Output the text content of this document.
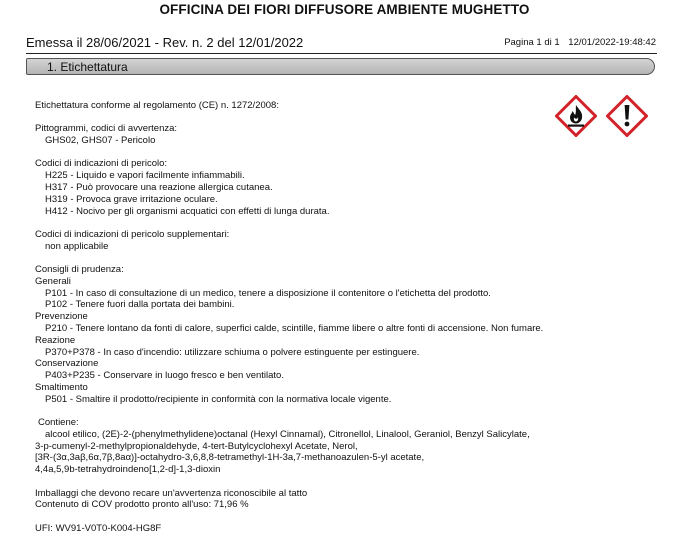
OFFICINA DEI FIORI DIFFUSORE AMBIENTE MUGHETTO
Emessa il 28/06/2021 - Rev. n. 2 del 12/01/2022	Pagina 1 di 1 12/01/2022-19:48:42
1. Etichettatura
Etichettatura conforme al regolamento (CE) n. 1272/2008:
Pittogrammi, codici di avvertenza:
GHS02, GHS07 - Pericolo
Codici di indicazioni di pericolo:
H225 - Liquido e vapori facilmente infiammabili.
H317 - Può provocare una reazione allergica cutanea.
H319 - Provoca grave irritazione oculare.
H412 - Nocivo per gli organismi acquatici con effetti di lunga durata.
Codici di indicazioni di pericolo supplementari:
non applicabile
Consigli di prudenza:
Generali
P101 - In caso di consultazione di un medico, tenere a disposizione il contenitore o l'etichetta del prodotto.
P102 - Tenere fuori dalla portata dei bambini.
Prevenzione
P210 - Tenere lontano da fonti di calore, superfici calde, scintille, fiamme libere o altre fonti di accensione. Non fumare.
Reazione
P370+P378 - In caso d'incendio: utilizzare schiuma o polvere estinguente per estinguere.
Conservazione
P403+P235 - Conservare in luogo fresco e ben ventilato.
Smaltimento
P501 - Smaltire il prodotto/recipiente in conformità con la normativa locale vigente.
Contiene:
alcool etilico, (2E)-2-(phenylmethylidene)octanal (Hexyl Cinnamal), Citronellol, Linalool, Geraniol, Benzyl Salicylate,
3-p-cumenyl-2-methylpropionaldehyde, 4-tert-Butylcyclohexyl Acetate, Nerol,
[3R-(3α,3aβ,6α,7β,8aα)]-octahydro-3,6,8,8-tetramethyl-1H-3a,7-methanoazulen-5-yl acetate,
4,4a,5,9b-tetrahydroindeno[1,2-d]-1,3-dioxin
Imballaggi che devono recare un'avvertenza riconoscibile al tatto
Contenuto di COV prodotto pronto all'uso: 71,96 %
UFI: WV91-V0T0-K004-HG8F
